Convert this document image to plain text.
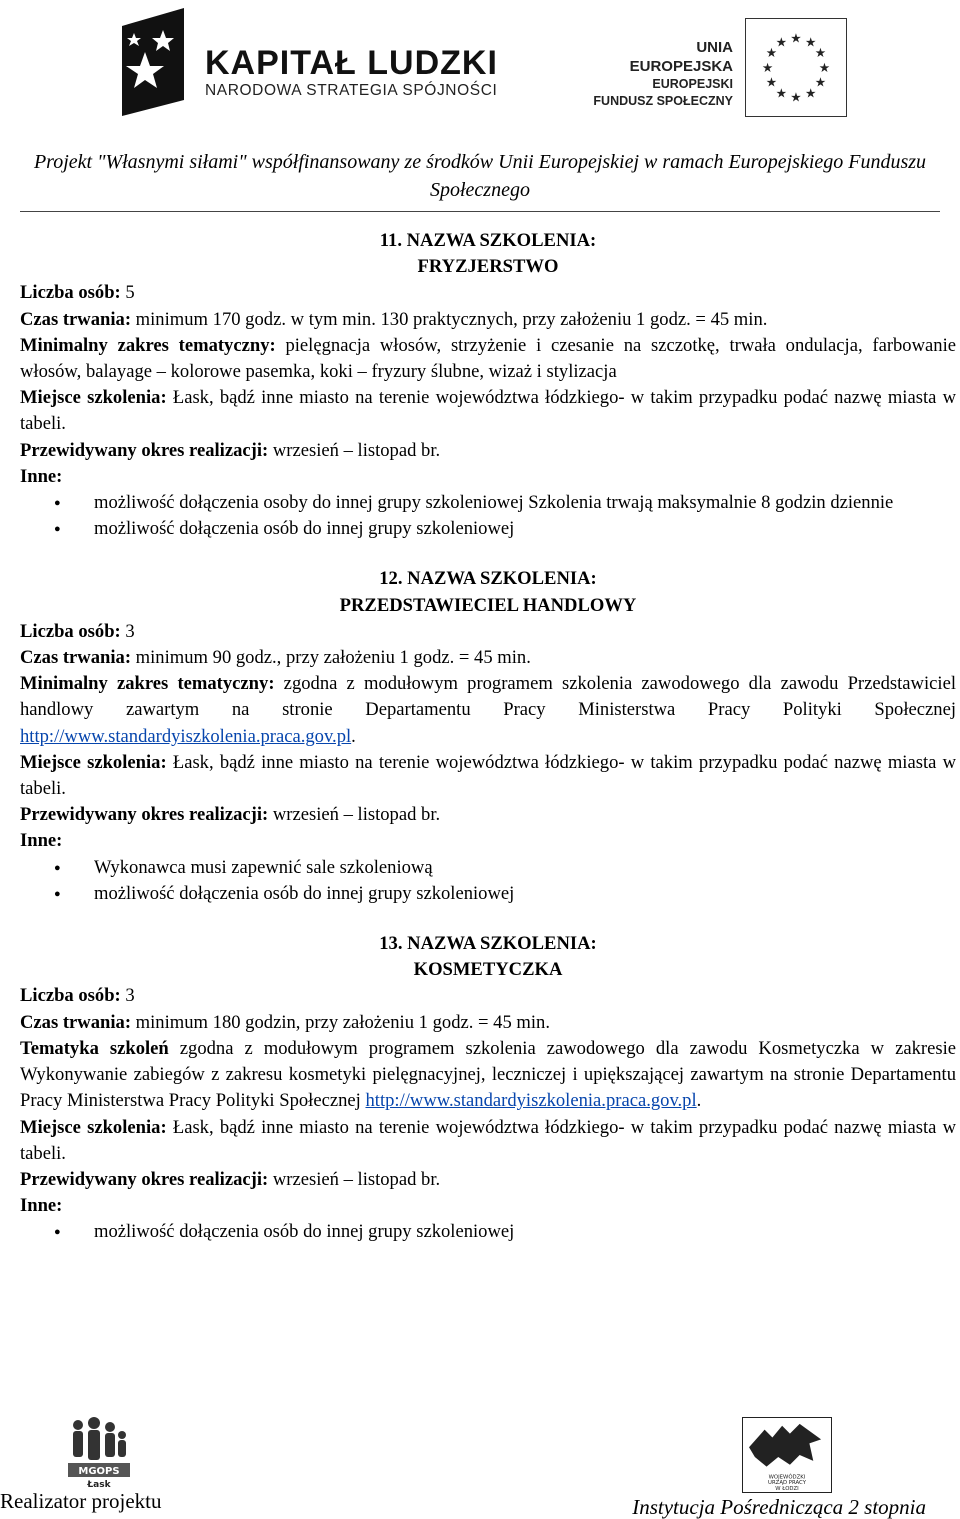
KAPITAŁ LUDZKI
NARODOWA STRATEGIA SPÓJNOŚCI
UNIA EUROPEJSKA
EUROPEJSKI
FUNDUSZ SPOŁECZNY
★ ★
★
★
★
★
★
★
★
★
★
★
Projekt "Własnymi siłami" współfinansowany ze środków Unii Europejskiej w ramach Europejskiego Funduszu Społecznego
11. NAZWA SZKOLENIA:
FRYZJERSTWO
Liczba osób: 5
Czas trwania: minimum 170 godz. w tym min. 130 praktycznych, przy założeniu 1 godz. = 45 min.
Minimalny zakres tematyczny: pielęgnacja włosów, strzyżenie i czesanie na szczotkę, trwała ondulacja, farbowanie włosów, balayage – kolorowe pasemka, koki – fryzury ślubne, wizaż i stylizacja
Miejsce szkolenia: Łask, bądź inne miasto na terenie województwa łódzkiego- w takim przypadku podać nazwę miasta w tabeli.
Przewidywany okres realizacji: wrzesień – listopad br.
Inne:
● możliwość dołączenia osoby do innej grupy szkoleniowej Szkolenia trwają maksymalnie 8 godzin dziennie
● możliwość dołączenia osób do innej grupy szkoleniowej
12. NAZWA SZKOLENIA:
PRZEDSTAWIECIEL HANDLOWY
Liczba osób: 3
Czas trwania: minimum 90 godz., przy założeniu 1 godz. = 45 min.
Minimalny zakres tematyczny: zgodna z modułowym programem szkolenia zawodowego dla zawodu Przedstawiciel handlowy zawartym na stronie Departamentu Pracy Ministerstwa Pracy Polityki Społecznej http://www.standardyiszkolenia.praca.gov.pl.
Miejsce szkolenia: Łask, bądź inne miasto na terenie województwa łódzkiego- w takim przypadku podać nazwę miasta w tabeli.
Przewidywany okres realizacji: wrzesień – listopad br.
Inne:
● Wykonawca musi zapewnić sale szkoleniową
● możliwość dołączenia osób do innej grupy szkoleniowej
13. NAZWA SZKOLENIA:
KOSMETYCZKA
Liczba osób: 3
Czas trwania: minimum 180 godzin, przy założeniu 1 godz. = 45 min.
Tematyka szkoleń zgodna z modułowym programem szkolenia zawodowego dla zawodu Kosmetyczka w zakresie Wykonywanie zabiegów z zakresu kosmetyki pielęgnacyjnej, leczniczej i upiększającej zawartym na stronie Departamentu Pracy Ministerstwa Pracy Polityki Społecznej http://www.standardyiszkolenia.praca.gov.pl.
Miejsce szkolenia: Łask, bądź inne miasto na terenie województwa łódzkiego- w takim przypadku podać nazwę miasta w tabeli.
Przewidywany okres realizacji: wrzesień – listopad br.
Inne:
● możliwość dołączenia osób do innej grupy szkoleniowej
MGOPS
Łask
WOJEWÓDZKI
URZĄD PRACY
W ŁODZI
Realizator projektu	Instytucja Pośrednicząca 2 stopnia
